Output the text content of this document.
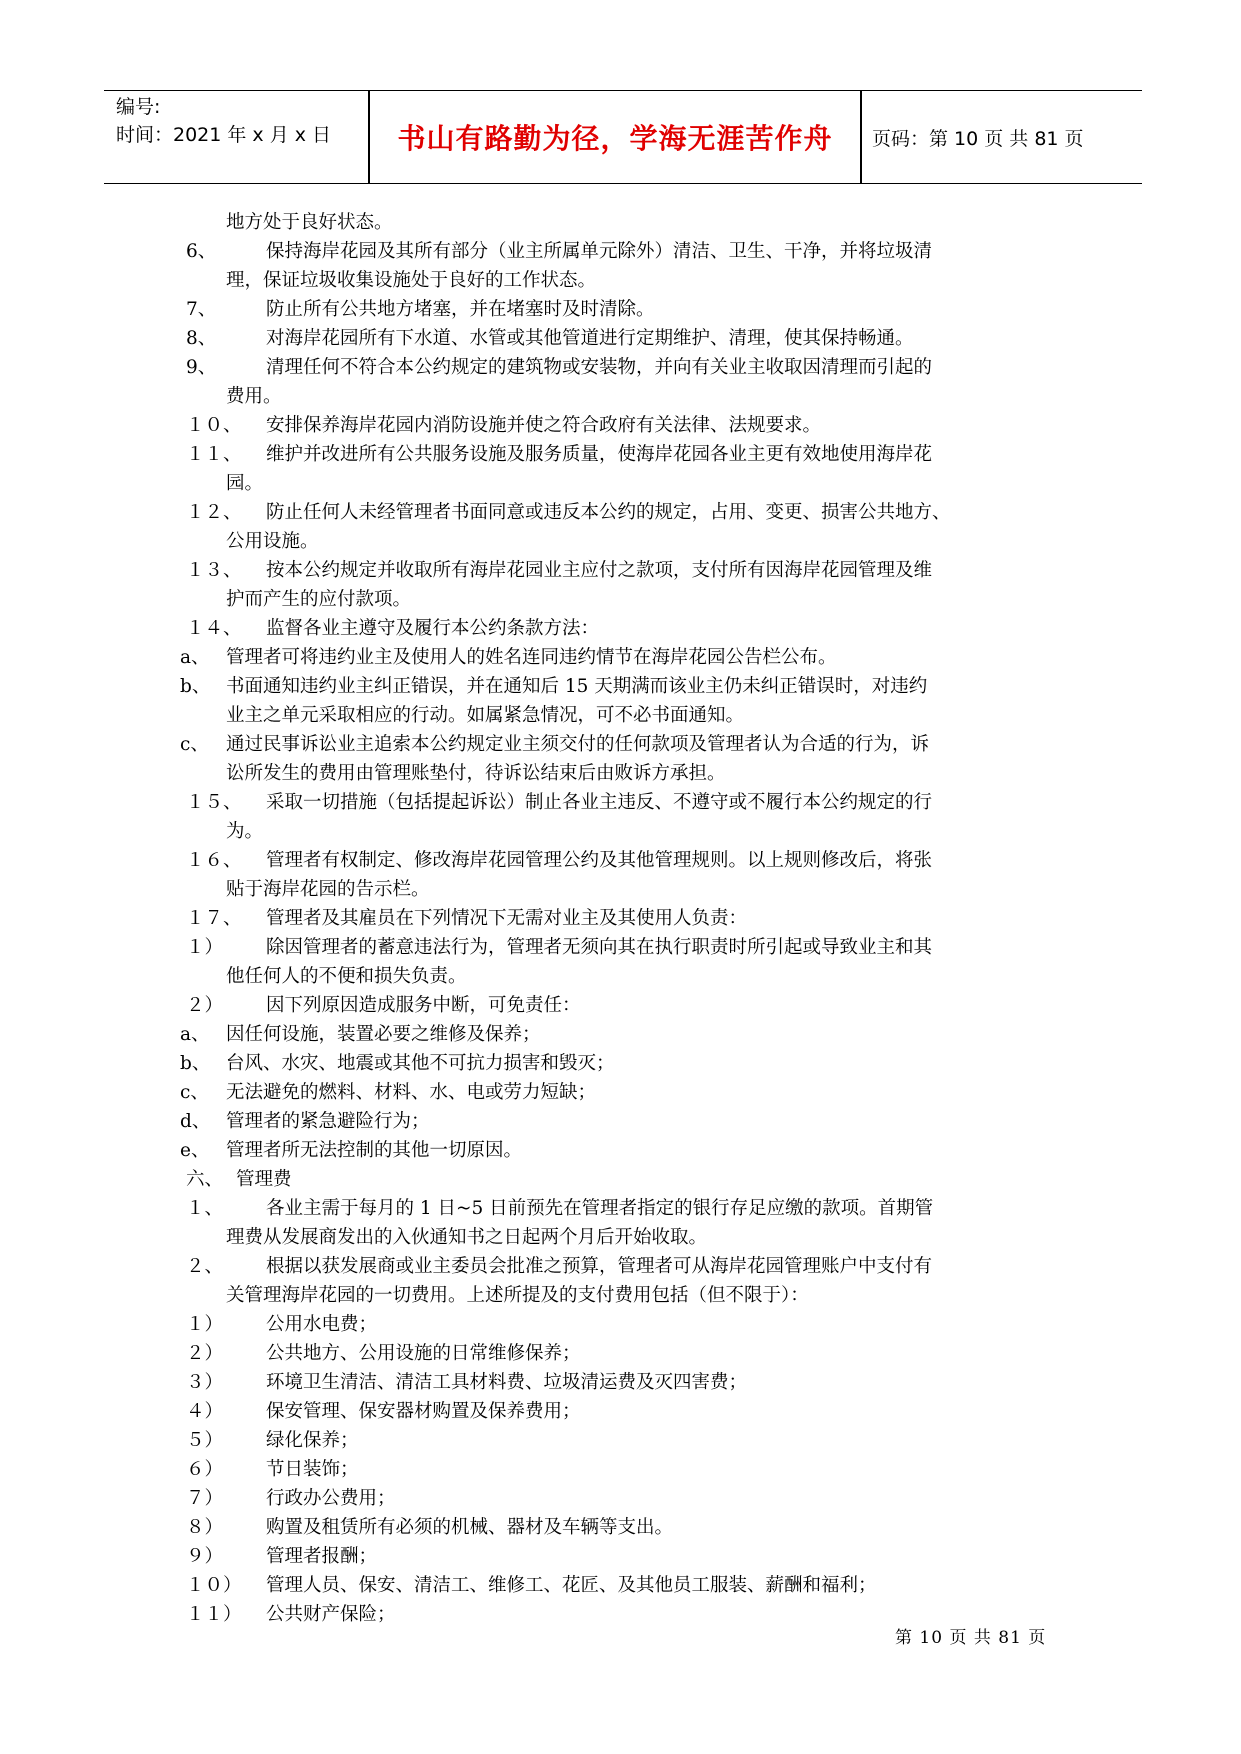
编号:
时间：2021 年 x 月 x 日	书山有路勤为径，学海无涯苦作舟	页码：第 10 页 共 81 页
地方处于良好状态。
6、	保持海岸花园及其所有部分（业主所属单元除外）清洁、卫生、干净，并将垃圾清
理，保证垃圾收集设施处于良好的工作状态。
7、	防止所有公共地方堵塞，并在堵塞时及时清除。
8、	对海岸花园所有下水道、水管或其他管道进行定期维护、清理，使其保持畅通。
9、	清理任何不符合本公约规定的建筑物或安装物，并向有关业主收取因清理而引起的
费用。
１０、	安排保养海岸花园内消防设施并使之符合政府有关法律、法规要求。
１１、	维护并改进所有公共服务设施及服务质量，使海岸花园各业主更有效地使用海岸花
园。
１２、	防止任何人未经管理者书面同意或违反本公约的规定，占用、变更、损害公共地方、
公用设施。
１３、	按本公约规定并收取所有海岸花园业主应付之款项，支付所有因海岸花园管理及维
护而产生的应付款项。
１４、	监督各业主遵守及履行本公约条款方法：
a、 管理者可将违约业主及使用人的姓名连同违约情节在海岸花园公告栏公布。
b、 书面通知违约业主纠正错误，并在通知后 15 天期满而该业主仍未纠正错误时，对违约
业主之单元采取相应的行动。如属紧急情况，可不必书面通知。
c、 通过民事诉讼业主追索本公约规定业主须交付的任何款项及管理者认为合适的行为，诉
讼所发生的费用由管理账垫付，待诉讼结束后由败诉方承担。
１５、	采取一切措施（包括提起诉讼）制止各业主违反、不遵守或不履行本公约规定的行
为。
１６、	管理者有权制定、修改海岸花园管理公约及其他管理规则。以上规则修改后，将张
贴于海岸花园的告示栏。
１７、	管理者及其雇员在下列情况下无需对业主及其使用人负责：
１）	除因管理者的蓄意违法行为，管理者无须向其在执行职责时所引起或导致业主和其
他任何人的不便和损失负责。
２）	因下列原因造成服务中断，可免责任：
a、 因任何设施，装置必要之维修及保养；
b、 台风、水灾、地震或其他不可抗力损害和毁灭；
c、 无法避免的燃料、材料、水、电或劳力短缺；
d、 管理者的紧急避险行为；
e、 管理者所无法控制的其他一切原因。
六、 管理费
１、	各业主需于每月的 1 日~5 日前预先在管理者指定的银行存足应缴的款项。首期管
理费从发展商发出的入伙通知书之日起两个月后开始收取。
２、	根据以获发展商或业主委员会批准之预算，管理者可从海岸花园管理账户中支付有
关管理海岸花园的一切费用。上述所提及的支付费用包括（但不限于）：
１）	公用水电费；
２）	公共地方、公用设施的日常维修保养；
３）	环境卫生清洁、清洁工具材料费、垃圾清运费及灭四害费；
４）	保安管理、保安器材购置及保养费用；
５）	绿化保养；
６）	节日装饰；
７）	行政办公费用；
８）	购置及租赁所有必须的机械、器材及车辆等支出。
９）	管理者报酬；
１０）	管理人员、保安、清洁工、维修工、花匠、及其他员工服装、薪酬和福利；
１１）	公共财产保险；
第 10 页 共 81 页
